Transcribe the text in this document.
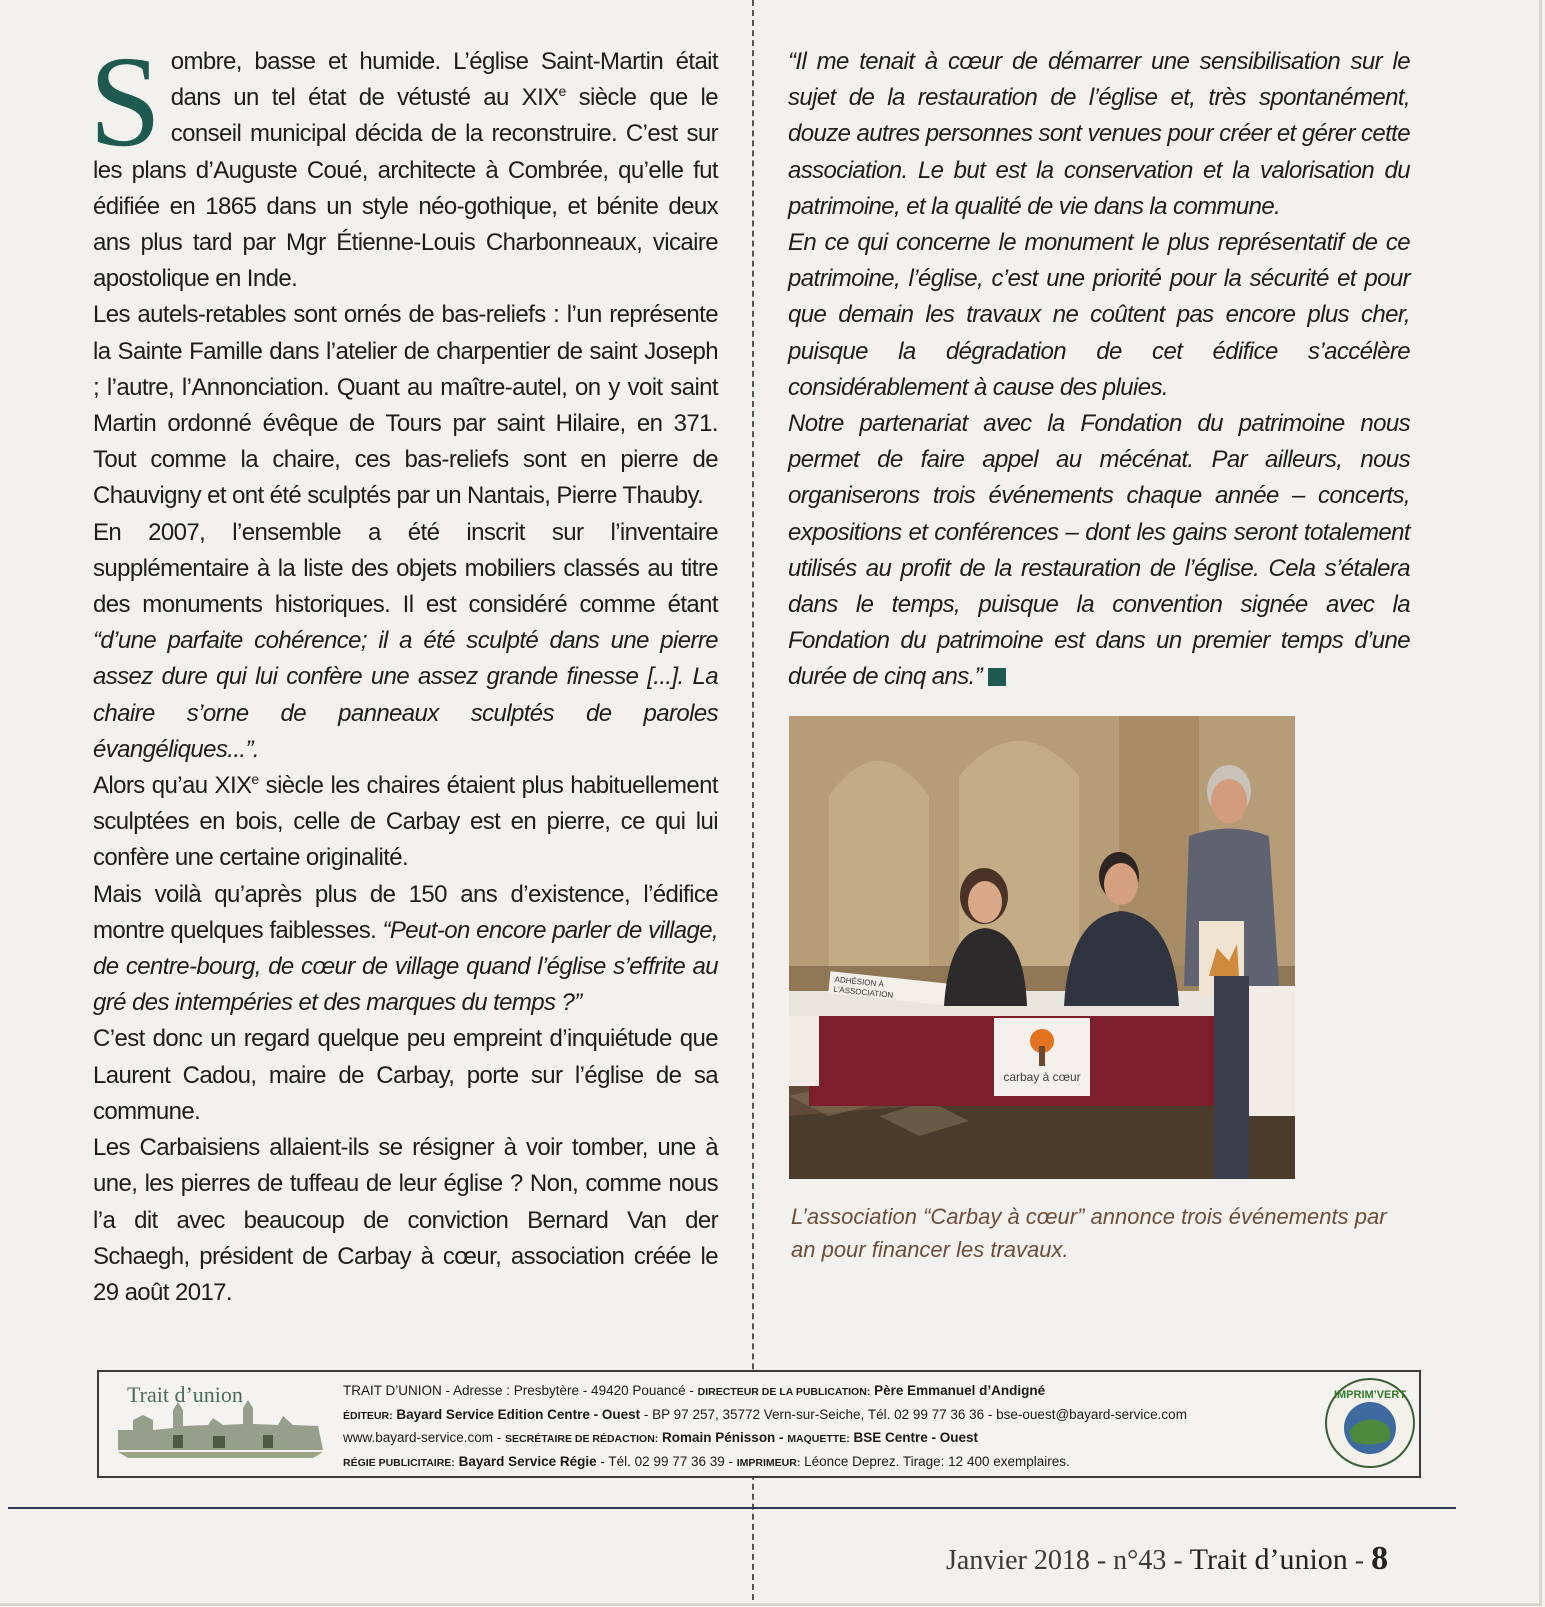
Sombre, basse et humide. L’église Saint-Martin était dans un tel état de vétusté au XIXe siècle que le conseil municipal décida de la reconstruire. C’est sur les plans d’Auguste Coué, architecte à Combrée, qu’elle fut édifiée en 1865 dans un style néo-gothique, et bénite deux ans plus tard par Mgr Étienne-Louis Charbonneaux, vicaire apostolique en Inde.

Les autels-retables sont ornés de bas-reliefs : l’un représente la Sainte Famille dans l’atelier de charpentier de saint Joseph ; l’autre, l’Annonciation. Quant au maître-autel, on y voit saint Martin ordonné évêque de Tours par saint Hilaire, en 371. Tout comme la chaire, ces bas-reliefs sont en pierre de Chauvigny et ont été sculptés par un Nantais, Pierre Thauby.

En 2007, l’ensemble a été inscrit sur l’inventaire supplémentaire à la liste des objets mobiliers classés au titre des monuments historiques. Il est considéré comme étant “d’une parfaite cohérence; il a été sculpté dans une pierre assez dure qui lui confère une assez grande finesse [...]. La chaire s’orne de panneaux sculptés de paroles évangéliques...”.

Alors qu’au XIXe siècle les chaires étaient plus habituellement sculptées en bois, celle de Carbay est en pierre, ce qui lui confère une certaine originalité.

Mais voilà qu’après plus de 150 ans d’existence, l’édifice montre quelques faiblesses. “Peut-on encore parler de village, de centre-bourg, de cœur de village quand l’église s’effrite au gré des intempéries et des marques du temps ?”

C’est donc un regard quelque peu empreint d’inquiétude que Laurent Cadou, maire de Carbay, porte sur l’église de sa commune.

Les Carbaisiens allaient-ils se résigner à voir tomber, une à une, les pierres de tuffeau de leur église ? Non, comme nous l’a dit avec beaucoup de conviction Bernard Van der Schaegh, président de Carbay à cœur, association créée le 29 août 2017.

“Il me tenait à cœur de démarrer une sensibilisation sur le sujet de la restauration de l’église et, très spontanément, douze autres personnes sont venues pour créer et gérer cette association. Le but est la conservation et la valorisation du patrimoine, et la qualité de vie dans la commune.

En ce qui concerne le monument le plus représentatif de ce patrimoine, l’église, c’est une priorité pour la sécurité et pour que demain les travaux ne coûtent pas encore plus cher, puisque la dégradation de cet édifice s’accélère considérablement à cause des pluies.

Notre partenariat avec la Fondation du patrimoine nous permet de faire appel au mécénat. Par ailleurs, nous organiserons trois événements chaque année – concerts, expositions et conférences – dont les gains seront totalement utilisés au profit de la restauration de l’église. Cela s’étalera dans le temps, puisque la convention signée avec la Fondation du patrimoine est dans un premier temps d’une durée de cinq ans.”

carbay à cœur
ADHÉSION À
L’ASSOCIATION
L’association “Carbay à cœur” annonce trois événements par an pour financer les travaux.
Trait d’union	TRAIT D’UNION - Adresse : Presbytère - 49420 Pouancé - DIRECTEUR DE LA PUBLICATION: Père Emmanuel d’Andigné
ÉDITEUR: Bayard Service Edition Centre - Ouest - BP 97 257, 35772 Vern-sur-Seiche, Tél. 02 99 77 36 36 - bse-ouest@bayard-service.com
www.bayard-service.com - SECRÉTAIRE DE RÉDACTION: Romain Pénisson - MAQUETTE: BSE Centre - Ouest
RÉGIE PUBLICITAIRE: Bayard Service Régie - Tél. 02 99 77 36 39 - IMPRIMEUR: Léonce Deprez. Tirage: 12 400 exemplaires.
IMPRIM’VERT
Janvier 2018 - n°43 - Trait d’union - 8
